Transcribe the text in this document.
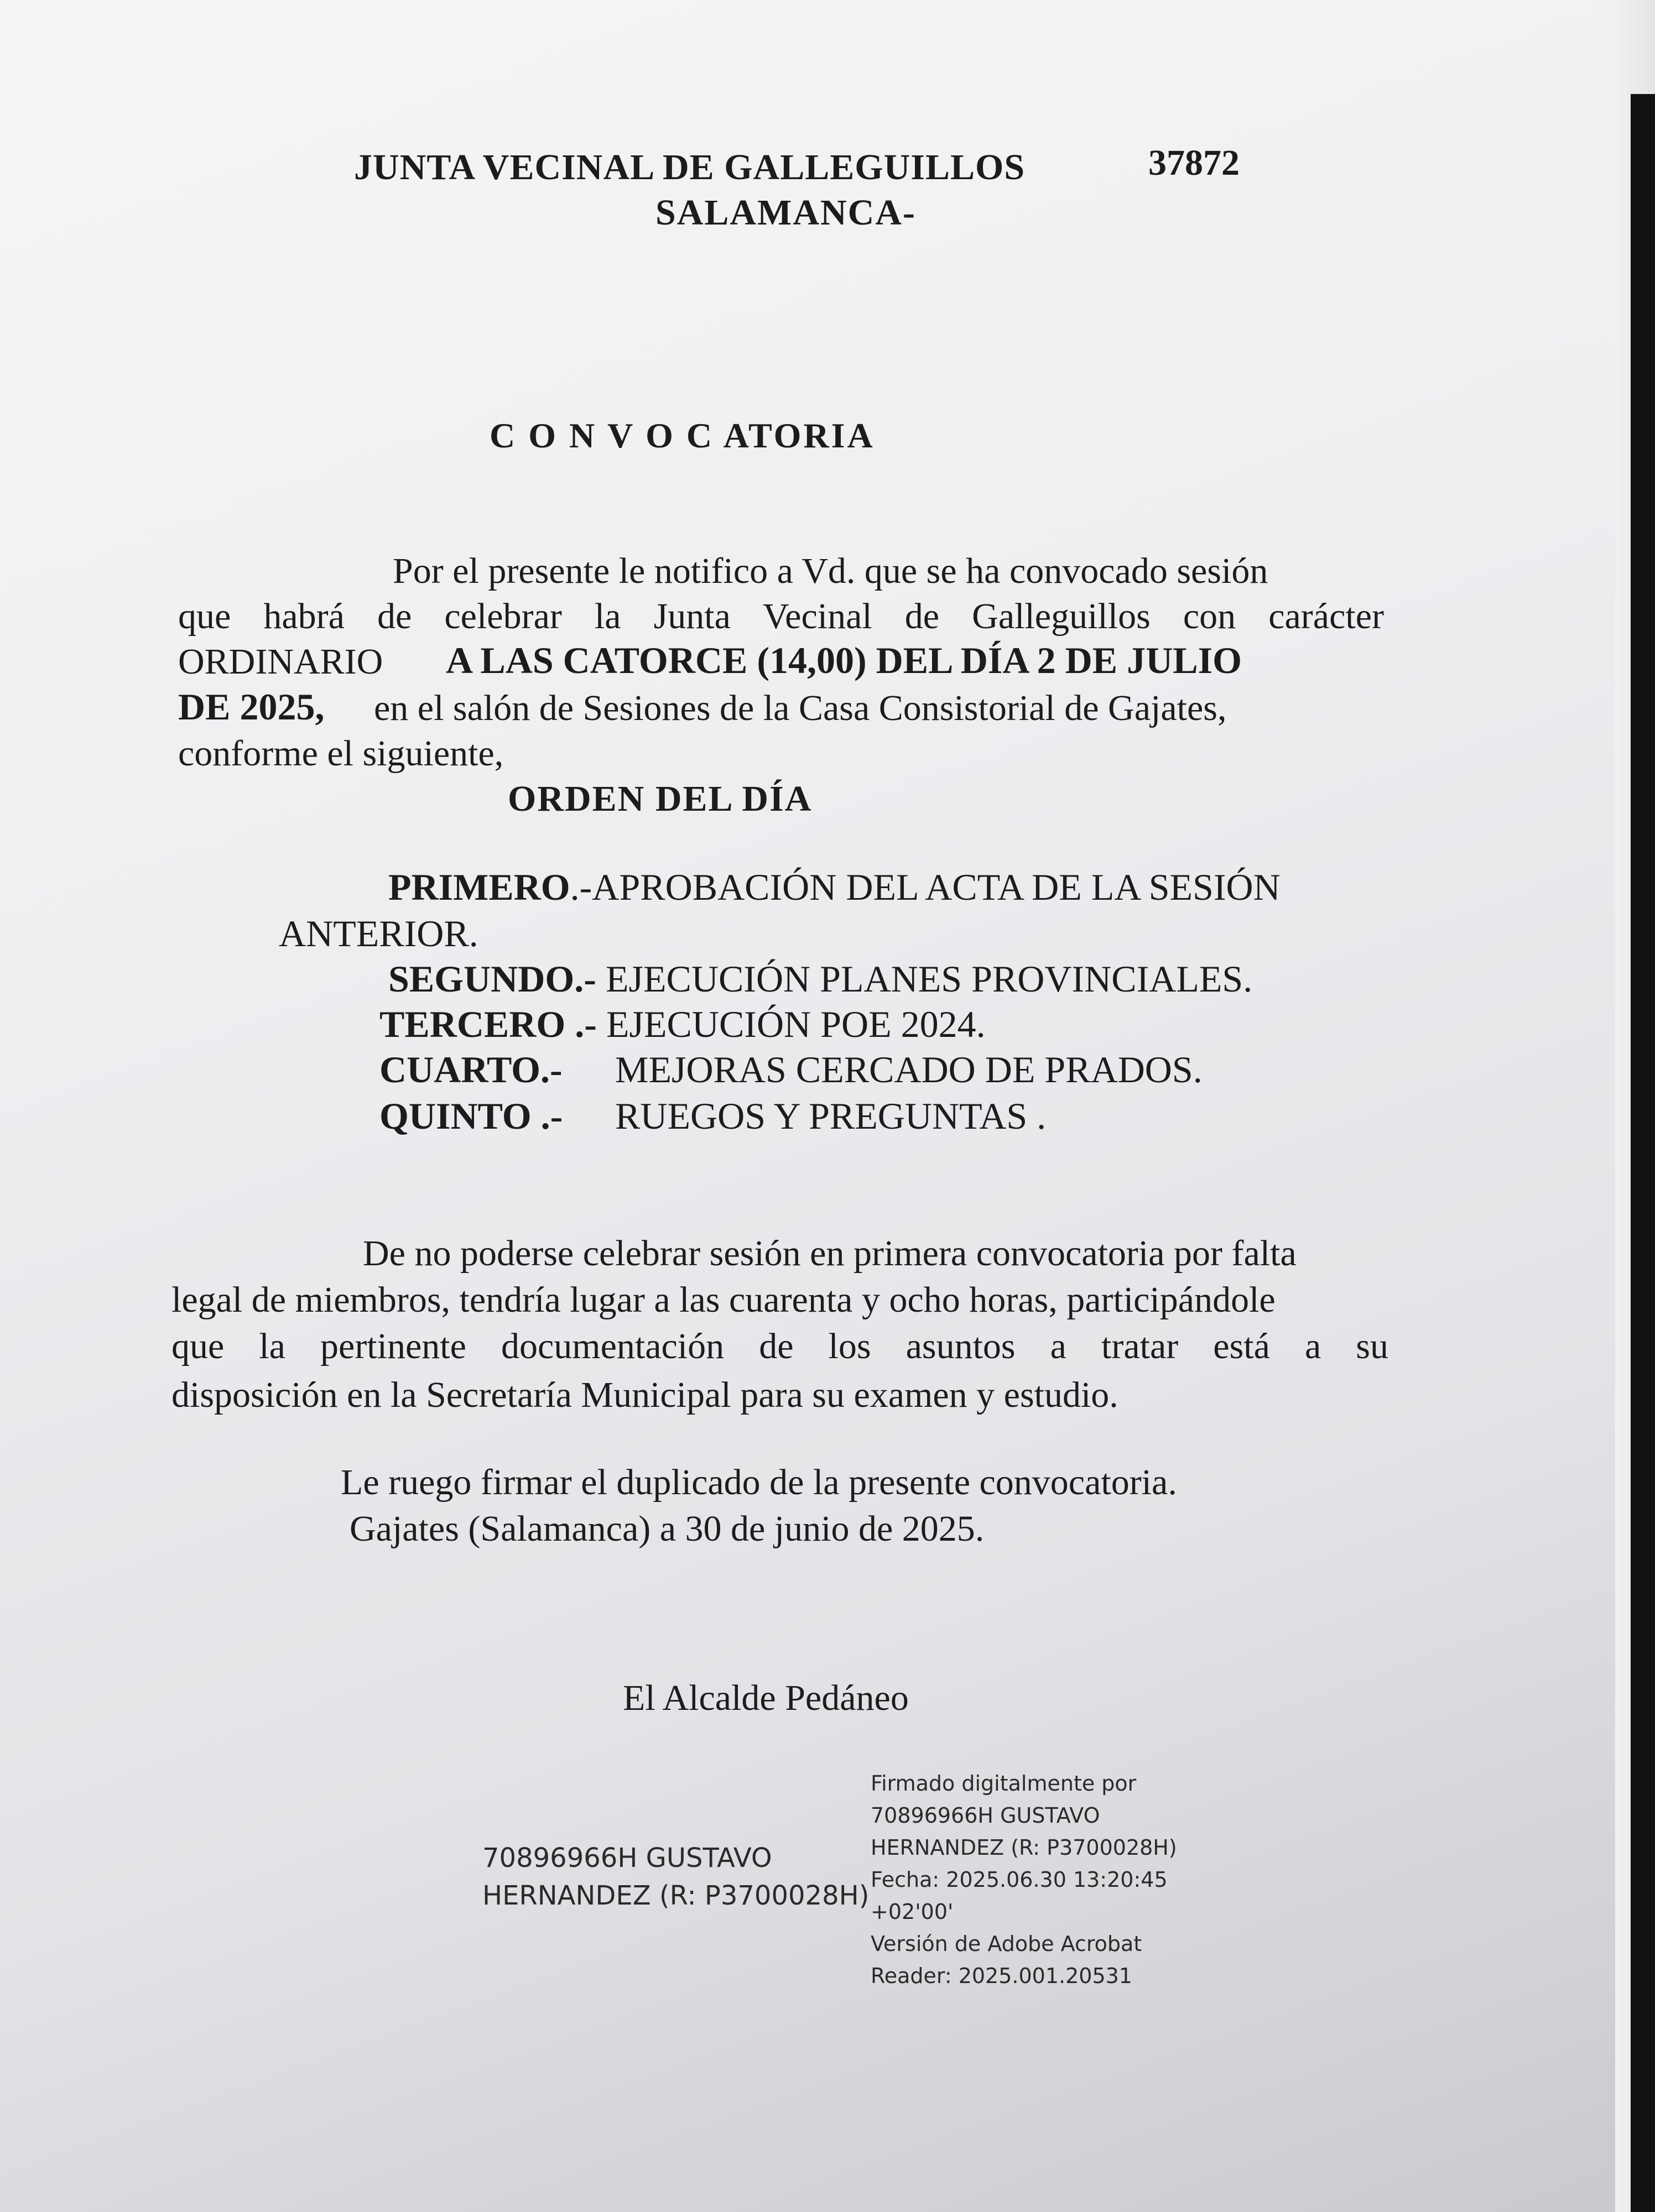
JUNTA VECINAL DE GALLEGUILLOS	37872
SALAMANCA-
C O N V O C ATORIA
Por el presente le notifico a Vd. que se ha convocado sesión
que habrá de celebrar la Junta Vecinal de Galleguillos con carácter
ORDINARIO A LAS CATORCE (14,00) DEL DÍA 2 DE JULIO
DE 2025, en el salón de Sesiones de la Casa Consistorial de Gajates,
conforme el siguiente,
ORDEN DEL DÍA
PRIMERO.-APROBACIÓN DEL ACTA DE LA SESIÓN
ANTERIOR.
SEGUNDO.- EJECUCIÓN PLANES PROVINCIALES.
TERCERO .- EJECUCIÓN POE 2024.
CUARTO.- MEJORAS CERCADO DE PRADOS.
QUINTO .- RUEGOS Y PREGUNTAS .
De no poderse celebrar sesión en primera convocatoria por falta
legal de miembros, tendría lugar a las cuarenta y ocho horas, participándole
que la pertinente documentación de los asuntos a tratar está a su
disposición en la Secretaría Municipal para su examen y estudio.
Le ruego firmar el duplicado de la presente convocatoria.
Gajates (Salamanca) a 30 de junio de 2025.
El Alcalde Pedáneo
70896966H GUSTAVO
HERNANDEZ (R: P3700028H)
Firmado digitalmente por
70896966H GUSTAVO
HERNANDEZ (R: P3700028H)
Fecha: 2025.06.30 13:20:45
+02'00'
Versión de Adobe Acrobat
Reader: 2025.001.20531
